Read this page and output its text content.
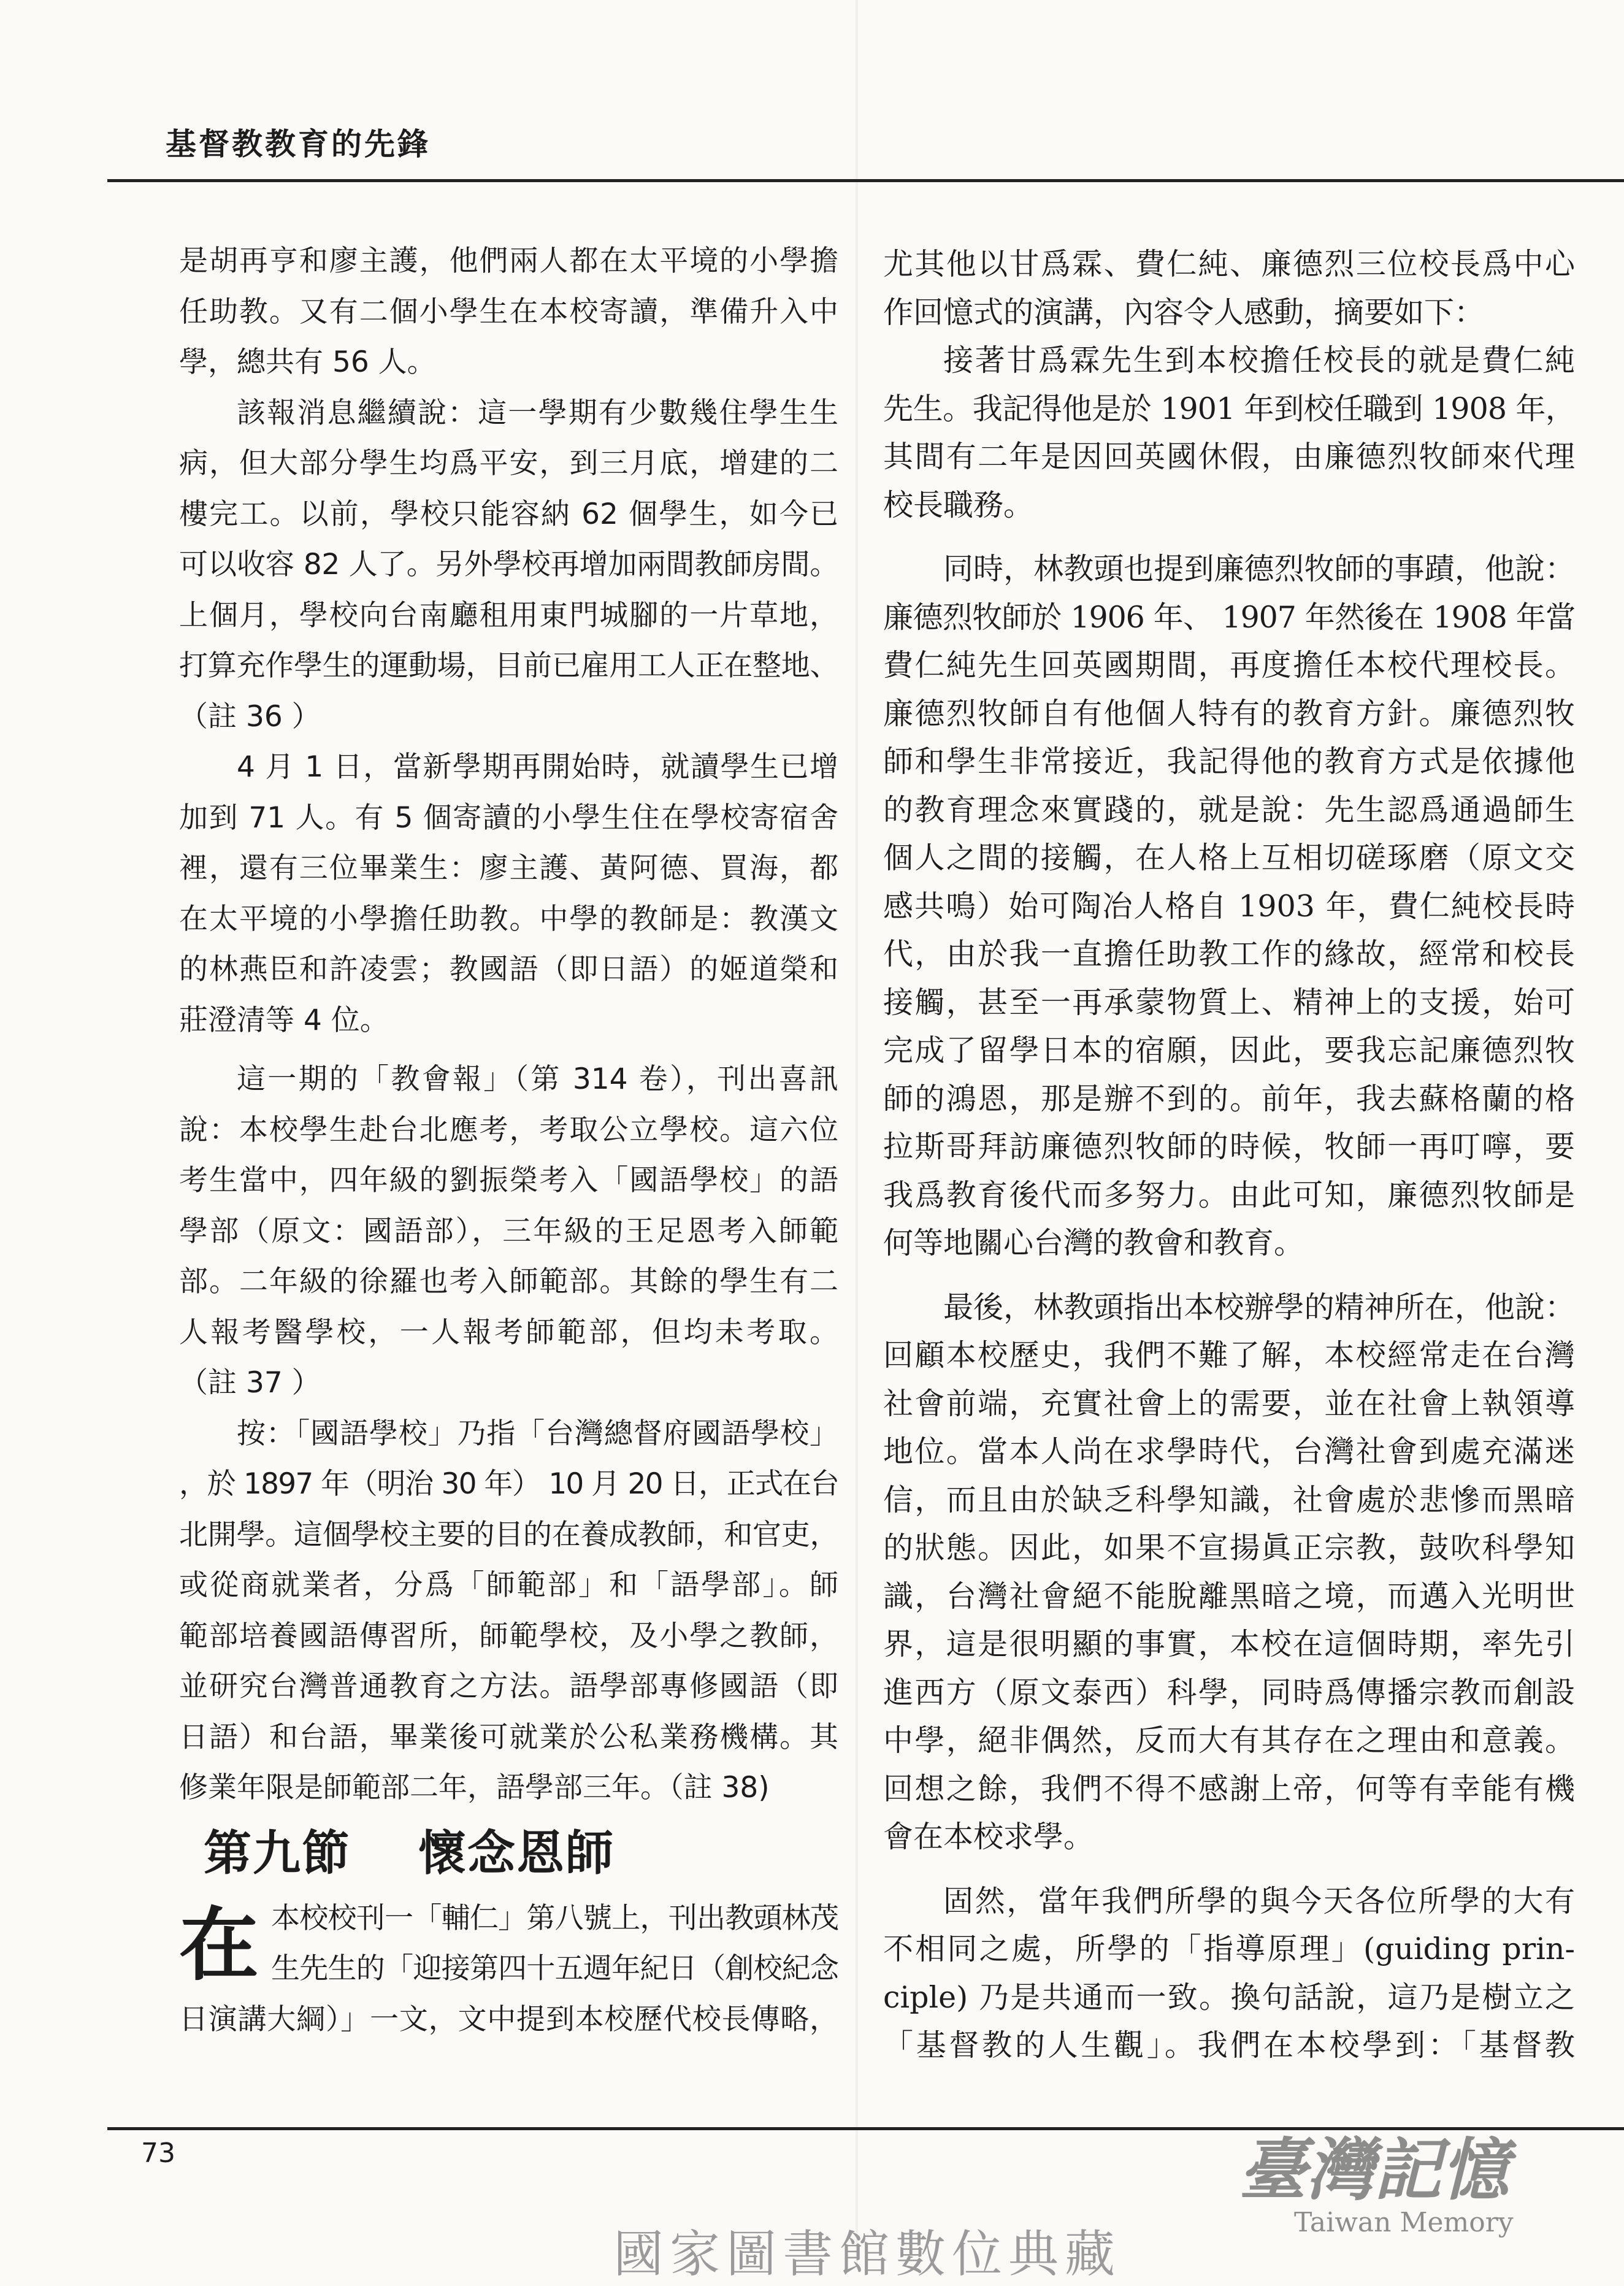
基督教教育的先鋒
是胡再亨和廖主護，他們兩人都在太平境的小學擔
任助教。又有二個小學生在本校寄讀，準備升入中
學，總共有 56 人。
該報消息繼續說：這一學期有少數幾住學生生
病，但大部分學生均爲平安，到三月底，增建的二
樓完工。以前，學校只能容納 62 個學生，如今已
可以收容 82 人了。另外學校再增加兩間教師房間。
上個月，學校向台南廳租用東門城腳的一片草地，
打算充作學生的運動場，目前已雇用工人正在整地、
（註 36 ）
4 月 1 日，當新學期再開始時，就讀學生已增
加到 71 人。有 5 個寄讀的小學生住在學校寄宿舍
裡，還有三位畢業生：廖主護、黃阿德、買海，都
在太平境的小學擔任助教。中學的教師是：教漢文
的林燕臣和許凌雲；教國語（即日語）的姬道榮和
莊澄清等 4 位。
這一期的「教會報」（第 314 卷），刊出喜訊
說：本校學生赴台北應考，考取公立學校。這六位
考生當中，四年級的劉振榮考入「國語學校」的語
學部（原文：國語部），三年級的王足恩考入師範
部。二年級的徐羅也考入師範部。其餘的學生有二
人報考醫學校，一人報考師範部，但均未考取。
（註 37 ）
按：「國語學校」乃指「台灣總督府國語學校」
，於 1897 年（明治 30 年） 10 月 20 日，正式在台
北開學。這個學校主要的目的在養成教師，和官吏，
或從商就業者，分爲「師範部」和「語學部」。師
範部培養國語傳習所，師範學校，及小學之教師，
並研究台灣普通教育之方法。語學部專修國語（即
日語）和台語，畢業後可就業於公私業務機構。其
修業年限是師範部二年，語學部三年。（註 38)
第九節 懷念恩師
在 本校校刊一「輔仁」第八號上，刊出教頭林茂
生先生的「迎接第四十五週年紀日（創校紀念
日演講大綱）」一文，文中提到本校歷代校長傳略，
尤其他以甘爲霖、費仁純、廉德烈三位校長爲中心
作回憶式的演講，內容令人感動，摘要如下：
接著甘爲霖先生到本校擔任校長的就是費仁純
先生。我記得他是於 1901 年到校任職到 1908 年，
其間有二年是因回英國休假，由廉德烈牧師來代理
校長職務。
同時，林教頭也提到廉德烈牧師的事蹟，他說：
廉德烈牧師於 1906 年、 1907 年然後在 1908 年當
費仁純先生回英國期間，再度擔任本校代理校長。
廉德烈牧師自有他個人特有的教育方針。廉德烈牧
師和學生非常接近，我記得他的教育方式是依據他
的教育理念來實踐的，就是說：先生認爲通過師生
個人之間的接觸，在人格上互相切磋琢磨（原文交
感共鳴）始可陶冶人格自 1903 年，費仁純校長時
代，由於我一直擔任助教工作的緣故，經常和校長
接觸，甚至一再承蒙物質上、精神上的支援，始可
完成了留學日本的宿願，因此，要我忘記廉德烈牧
師的鴻恩，那是辦不到的。前年，我去蘇格蘭的格
拉斯哥拜訪廉德烈牧師的時候，牧師一再叮嚀，要
我爲教育後代而多努力。由此可知，廉德烈牧師是
何等地關心台灣的教會和教育。
最後，林教頭指出本校辦學的精神所在，他說：
回顧本校歷史，我們不難了解，本校經常走在台灣
社會前端，充實社會上的需要，並在社會上執領導
地位。當本人尚在求學時代，台灣社會到處充滿迷
信，而且由於缺乏科學知識，社會處於悲慘而黑暗
的狀態。因此，如果不宣揚眞正宗教，鼓吹科學知
識，台灣社會絕不能脫離黑暗之境，而邁入光明世
界，這是很明顯的事實，本校在這個時期，率先引
進西方（原文泰西）科學，同時爲傳播宗教而創設
中學，絕非偶然，反而大有其存在之理由和意義。
回想之餘，我們不得不感謝上帝，何等有幸能有機
會在本校求學。
固然，當年我們所學的與今天各位所學的大有
不相同之處，所學的「指導原理」(guiding prin-
ciple) 乃是共通而一致。換句話說，這乃是樹立之
「基督教的人生觀」。我們在本校學到：「基督教
73
國家圖書館數位典藏
臺灣記憶
Taiwan Memory
